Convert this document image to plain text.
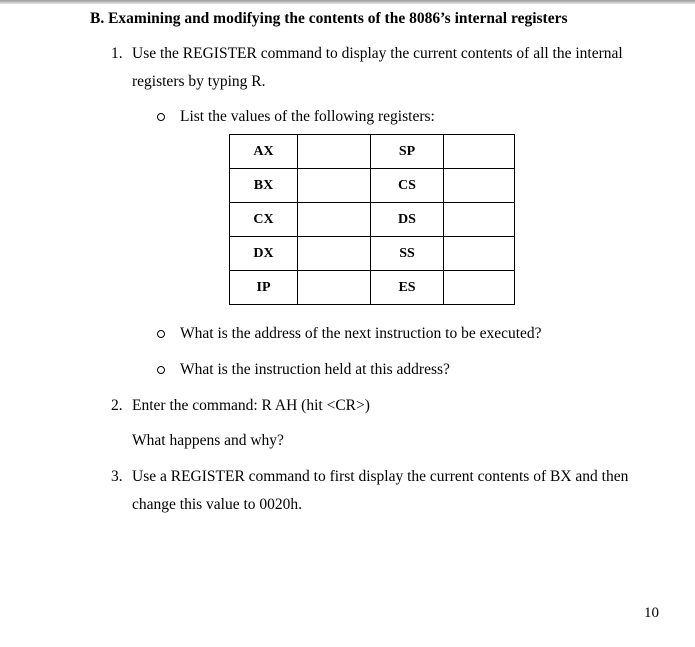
B. Examining and modifying the contents of the 8086’s internal registers
1. Use the REGISTER command to display the current contents of all the internal
registers by typing R.
List the values of the following registers:
AX		SP	
BX		CS	
CX		DS	
DX		SS	
IP		ES	
What is the address of the next instruction to be executed?
What is the instruction held at this address?
2. Enter the command: R AH (hit <CR>)
What happens and why?
3. Use a REGISTER command to first display the current contents of BX and then
change this value to 0020h.
10
